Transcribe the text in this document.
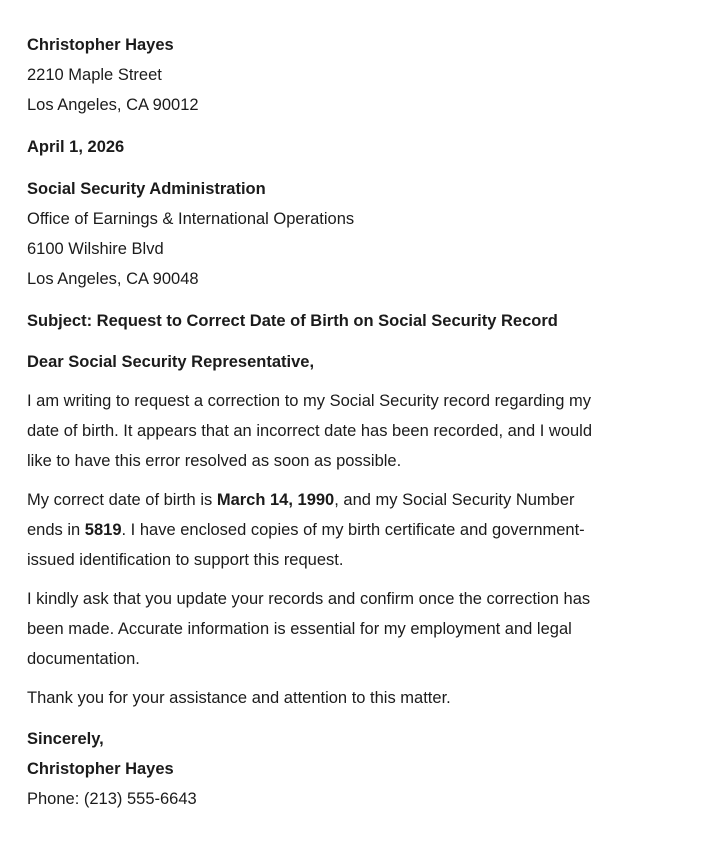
Christopher Hayes
2210 Maple Street
Los Angeles, CA 90012
April 1, 2026
Social Security Administration
Office of Earnings & International Operations
6100 Wilshire Blvd
Los Angeles, CA 90048
Subject: Request to Correct Date of Birth on Social Security Record
Dear Social Security Representative,
I am writing to request a correction to my Social Security record regarding my
date of birth. It appears that an incorrect date has been recorded, and I would
like to have this error resolved as soon as possible.
My correct date of birth is March 14, 1990, and my Social Security Number
ends in 5819. I have enclosed copies of my birth certificate and government-
issued identification to support this request.
I kindly ask that you update your records and confirm once the correction has
been made. Accurate information is essential for my employment and legal
documentation.
Thank you for your assistance and attention to this matter.
Sincerely,
Christopher Hayes
Phone: (213) 555-6643
